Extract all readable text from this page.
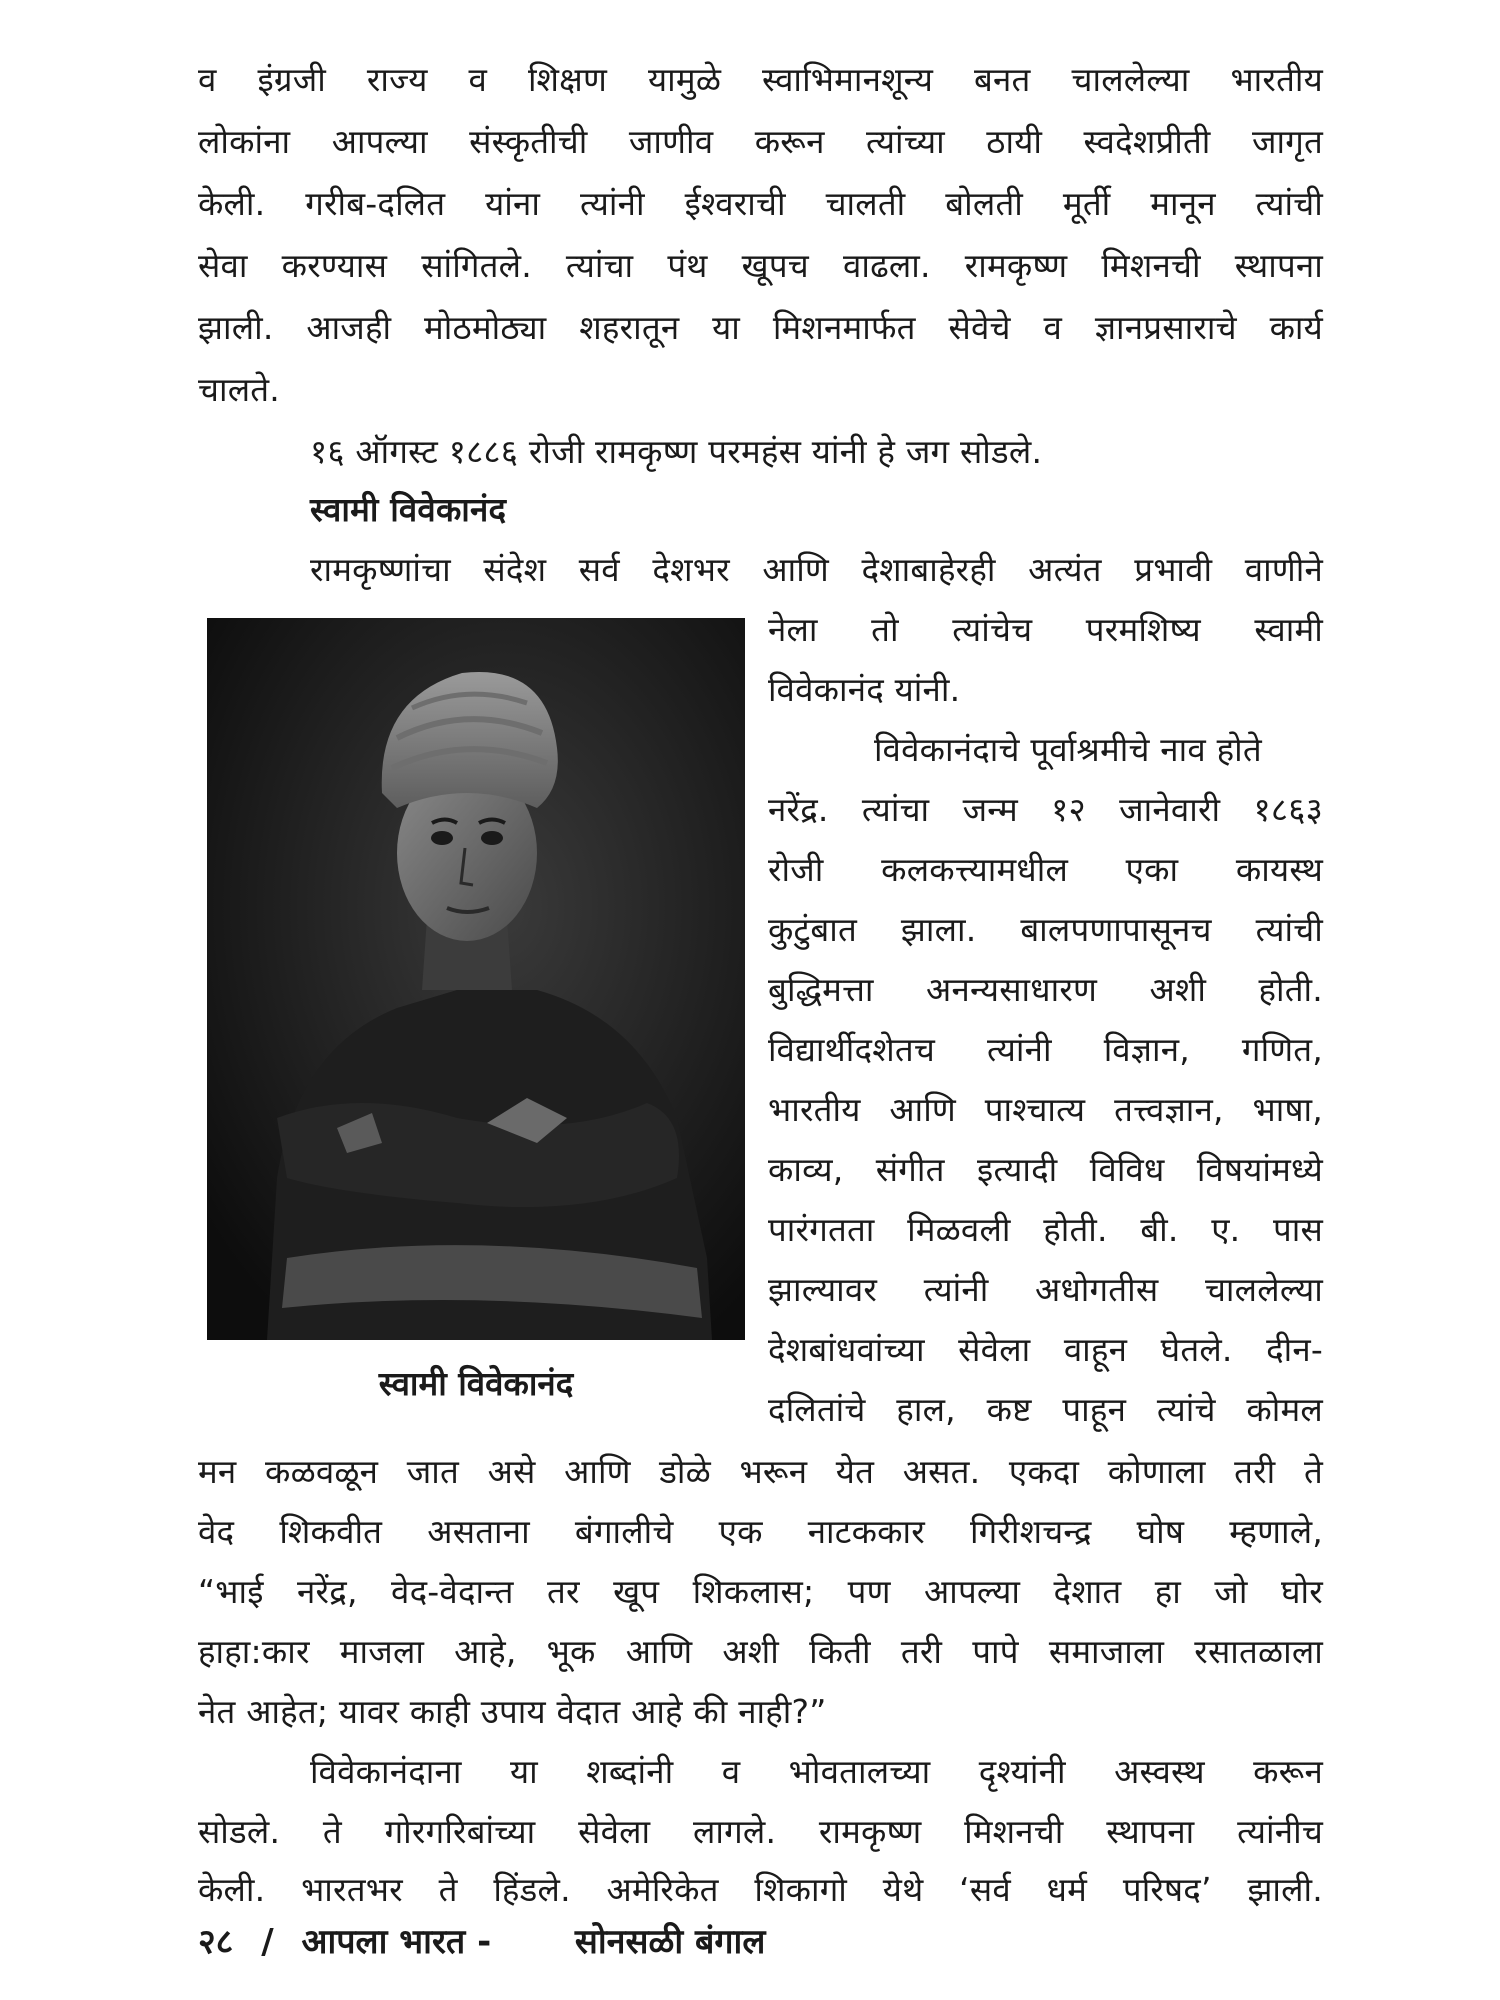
व इंग्रजी राज्य व शिक्षण यामुळे स्वाभिमानशून्य बनत चाललेल्या भारतीय
लोकांना आपल्या संस्कृतीची जाणीव करून त्यांच्या ठायी स्वदेशप्रीती जागृत
केली. गरीब-दलित यांना त्यांनी ईश्वराची चालती बोलती मूर्ती मानून त्यांची
सेवा करण्यास सांगितले. त्यांचा पंथ खूपच वाढला. रामकृष्ण मिशनची स्थापना
झाली. आजही मोठमोठ्या शहरातून या मिशनमार्फत सेवेचे व ज्ञानप्रसाराचे कार्य
चालते.
१६ ऑगस्ट १८८६ रोजी रामकृष्ण परमहंस यांनी हे जग सोडले.
स्वामी विवेकानंद
रामकृष्णांचा संदेश सर्व देशभर आणि देशाबाहेरही अत्यंत प्रभावी वाणीने
स्वामी विवेकानंद
नेला तो त्यांचेच परमशिष्य स्वामी
विवेकानंद यांनी.
विवेकानंदाचे पूर्वाश्रमीचे नाव होते
नरेंद्र. त्यांचा जन्म १२ जानेवारी १८६३
रोजी कलकत्त्यामधील एका कायस्थ
कुटुंबात झाला. बालपणापासूनच त्यांची
बुद्धिमत्ता अनन्यसाधारण अशी होती.
विद्यार्थीदशेतच त्यांनी विज्ञान, गणित,
भारतीय आणि पाश्चात्य तत्त्वज्ञान, भाषा,
काव्य, संगीत इत्यादी विविध विषयांमध्ये
पारंगतता मिळवली होती. बी. ए. पास
झाल्यावर त्यांनी अधोगतीस चाललेल्या
देशबांधवांच्या सेवेला वाहून घेतले. दीन-
दलितांचे हाल, कष्ट पाहून त्यांचे कोमल
मन कळवळून जात असे आणि डोळे भरून येत असत. एकदा कोणाला तरी ते
वेद शिकवीत असताना बंगालीचे एक नाटककार गिरीशचन्द्र घोष म्हणाले,
“भाई नरेंद्र, वेद-वेदान्त तर खूप शिकलास; पण आपल्या देशात हा जो घोर
हाहा:कार माजला आहे, भूक आणि अशी किती तरी पापे समाजाला रसातळाला
नेत आहेत; यावर काही उपाय वेदात आहे की नाही?”
विवेकानंदाना या शब्दांनी व भोवतालच्या दृश्यांनी अस्वस्थ करून
सोडले. ते गोरगरिबांच्या सेवेला लागले. रामकृष्ण मिशनची स्थापना त्यांनीच
केली. भारतभर ते हिंडले. अमेरिकेत शिकागो येथे ‘सर्व धर्म परिषद’ झाली.
२८ / आपला भारत - सोनसळी बंगाल
